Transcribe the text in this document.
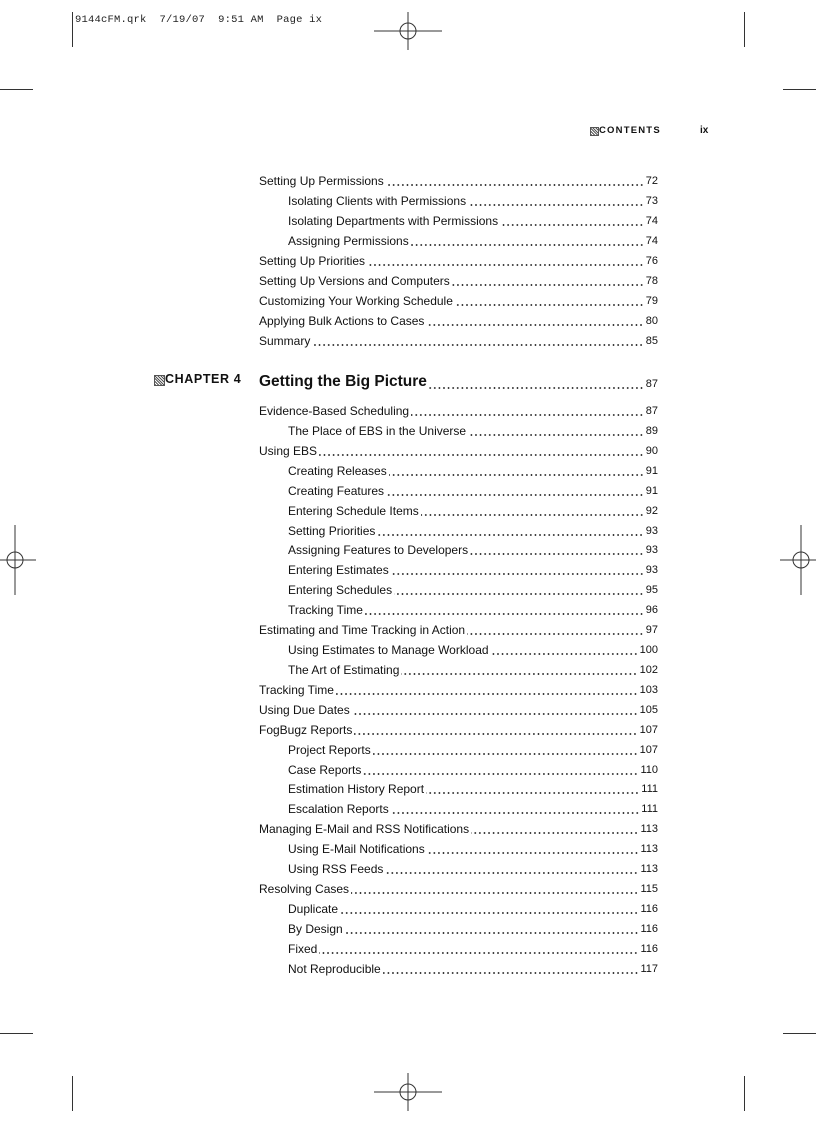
9144cFM.qrk 7/19/07 9:51 AM Page ix
CONTENTS	ix
Setting Up Permissions	72
Isolating Clients with Permissions	73
Isolating Departments with Permissions	74
Assigning Permissions	74
Setting Up Priorities	76
Setting Up Versions and Computers	78
Customizing Your Working Schedule	79
Applying Bulk Actions to Cases	80
Summary	85
CHAPTER 4 Getting the Big Picture	87
Evidence-Based Scheduling	87
The Place of EBS in the Universe	89
Using EBS	90
Creating Releases	91
Creating Features	91
Entering Schedule Items	92
Setting Priorities	93
Assigning Features to Developers	93
Entering Estimates	93
Entering Schedules	95
Tracking Time	96
Estimating and Time Tracking in Action	97
Using Estimates to Manage Workload	100
The Art of Estimating	102
Tracking Time	103
Using Due Dates	105
FogBugz Reports	107
Project Reports	107
Case Reports	110
Estimation History Report	111
Escalation Reports	111
Managing E-Mail and RSS Notifications	113
Using E-Mail Notifications	113
Using RSS Feeds	113
Resolving Cases	115
Duplicate	116
By Design	116
Fixed	116
Not Reproducible	117
